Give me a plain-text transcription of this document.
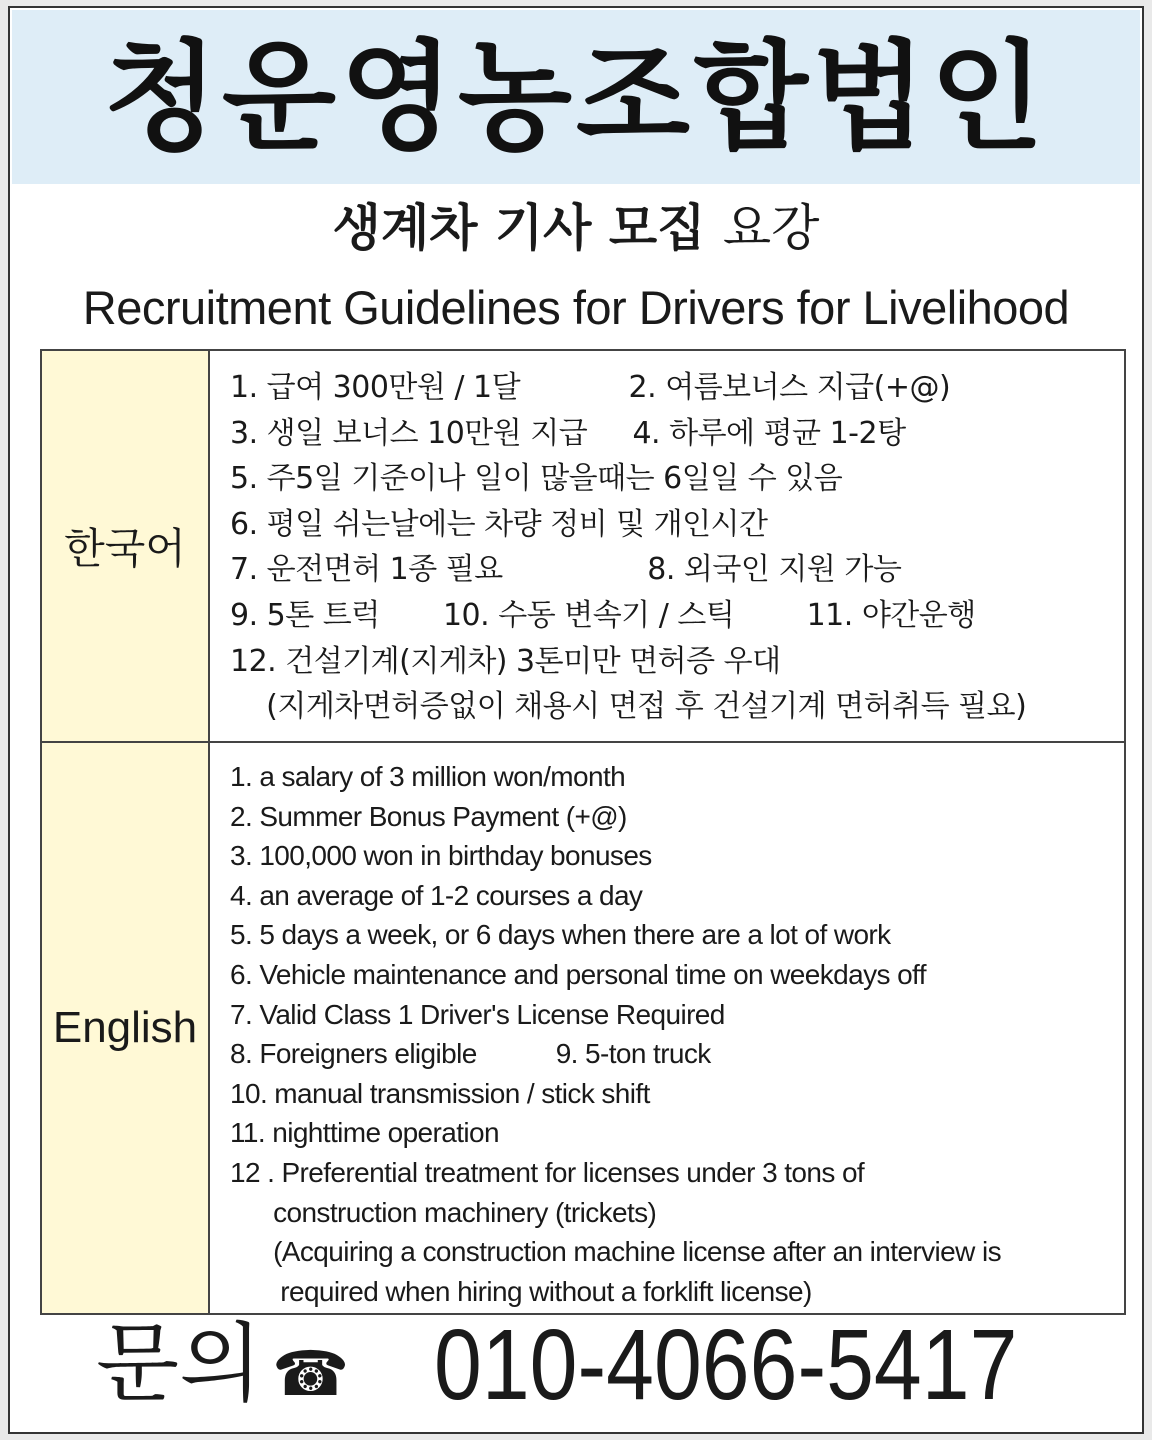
청운영농조합법인
생계차 기사 모집 요강
Recruitment Guidelines for Drivers for Livelihood
한국어
1. 급여 300만원 / 1달            2. 여름보너스 지급(+@)
3. 생일 보너스 10만원 지급     4. 하루에 평균 1-2탕
5. 주5일 기준이나 일이 많을때는 6일일 수 있음
6. 평일 쉬는날에는 차량 정비 및 개인시간
7. 운전면허 1종 필요                8. 외국인 지원 가능
9. 5톤 트럭       10. 수동 변속기 / 스틱        11. 야간운행
12. 건설기계(지게차) 3톤미만 면허증 우대
(지게차면허증없이 채용시 면접 후 건설기계 면허취득 필요)
English
1. a salary of 3 million won/month
2. Summer Bonus Payment (+@)
3. 100,000 won in birthday bonuses
4. an average of 1-2 courses a day
5. 5 days a week, or 6 days when there are a lot of work
6. Vehicle maintenance and personal time on weekdays off
7. Valid Class 1 Driver's License Required
8. Foreigners eligible           9. 5-ton truck
10. manual transmission / stick shift
11. nighttime operation
12 . Preferential treatment for licenses under 3 tons of
construction machinery (trickets)
(Acquiring a construction machine license after an interview is
required when hiring without a forklift license)
문의 ☎ 010-4066-5417
